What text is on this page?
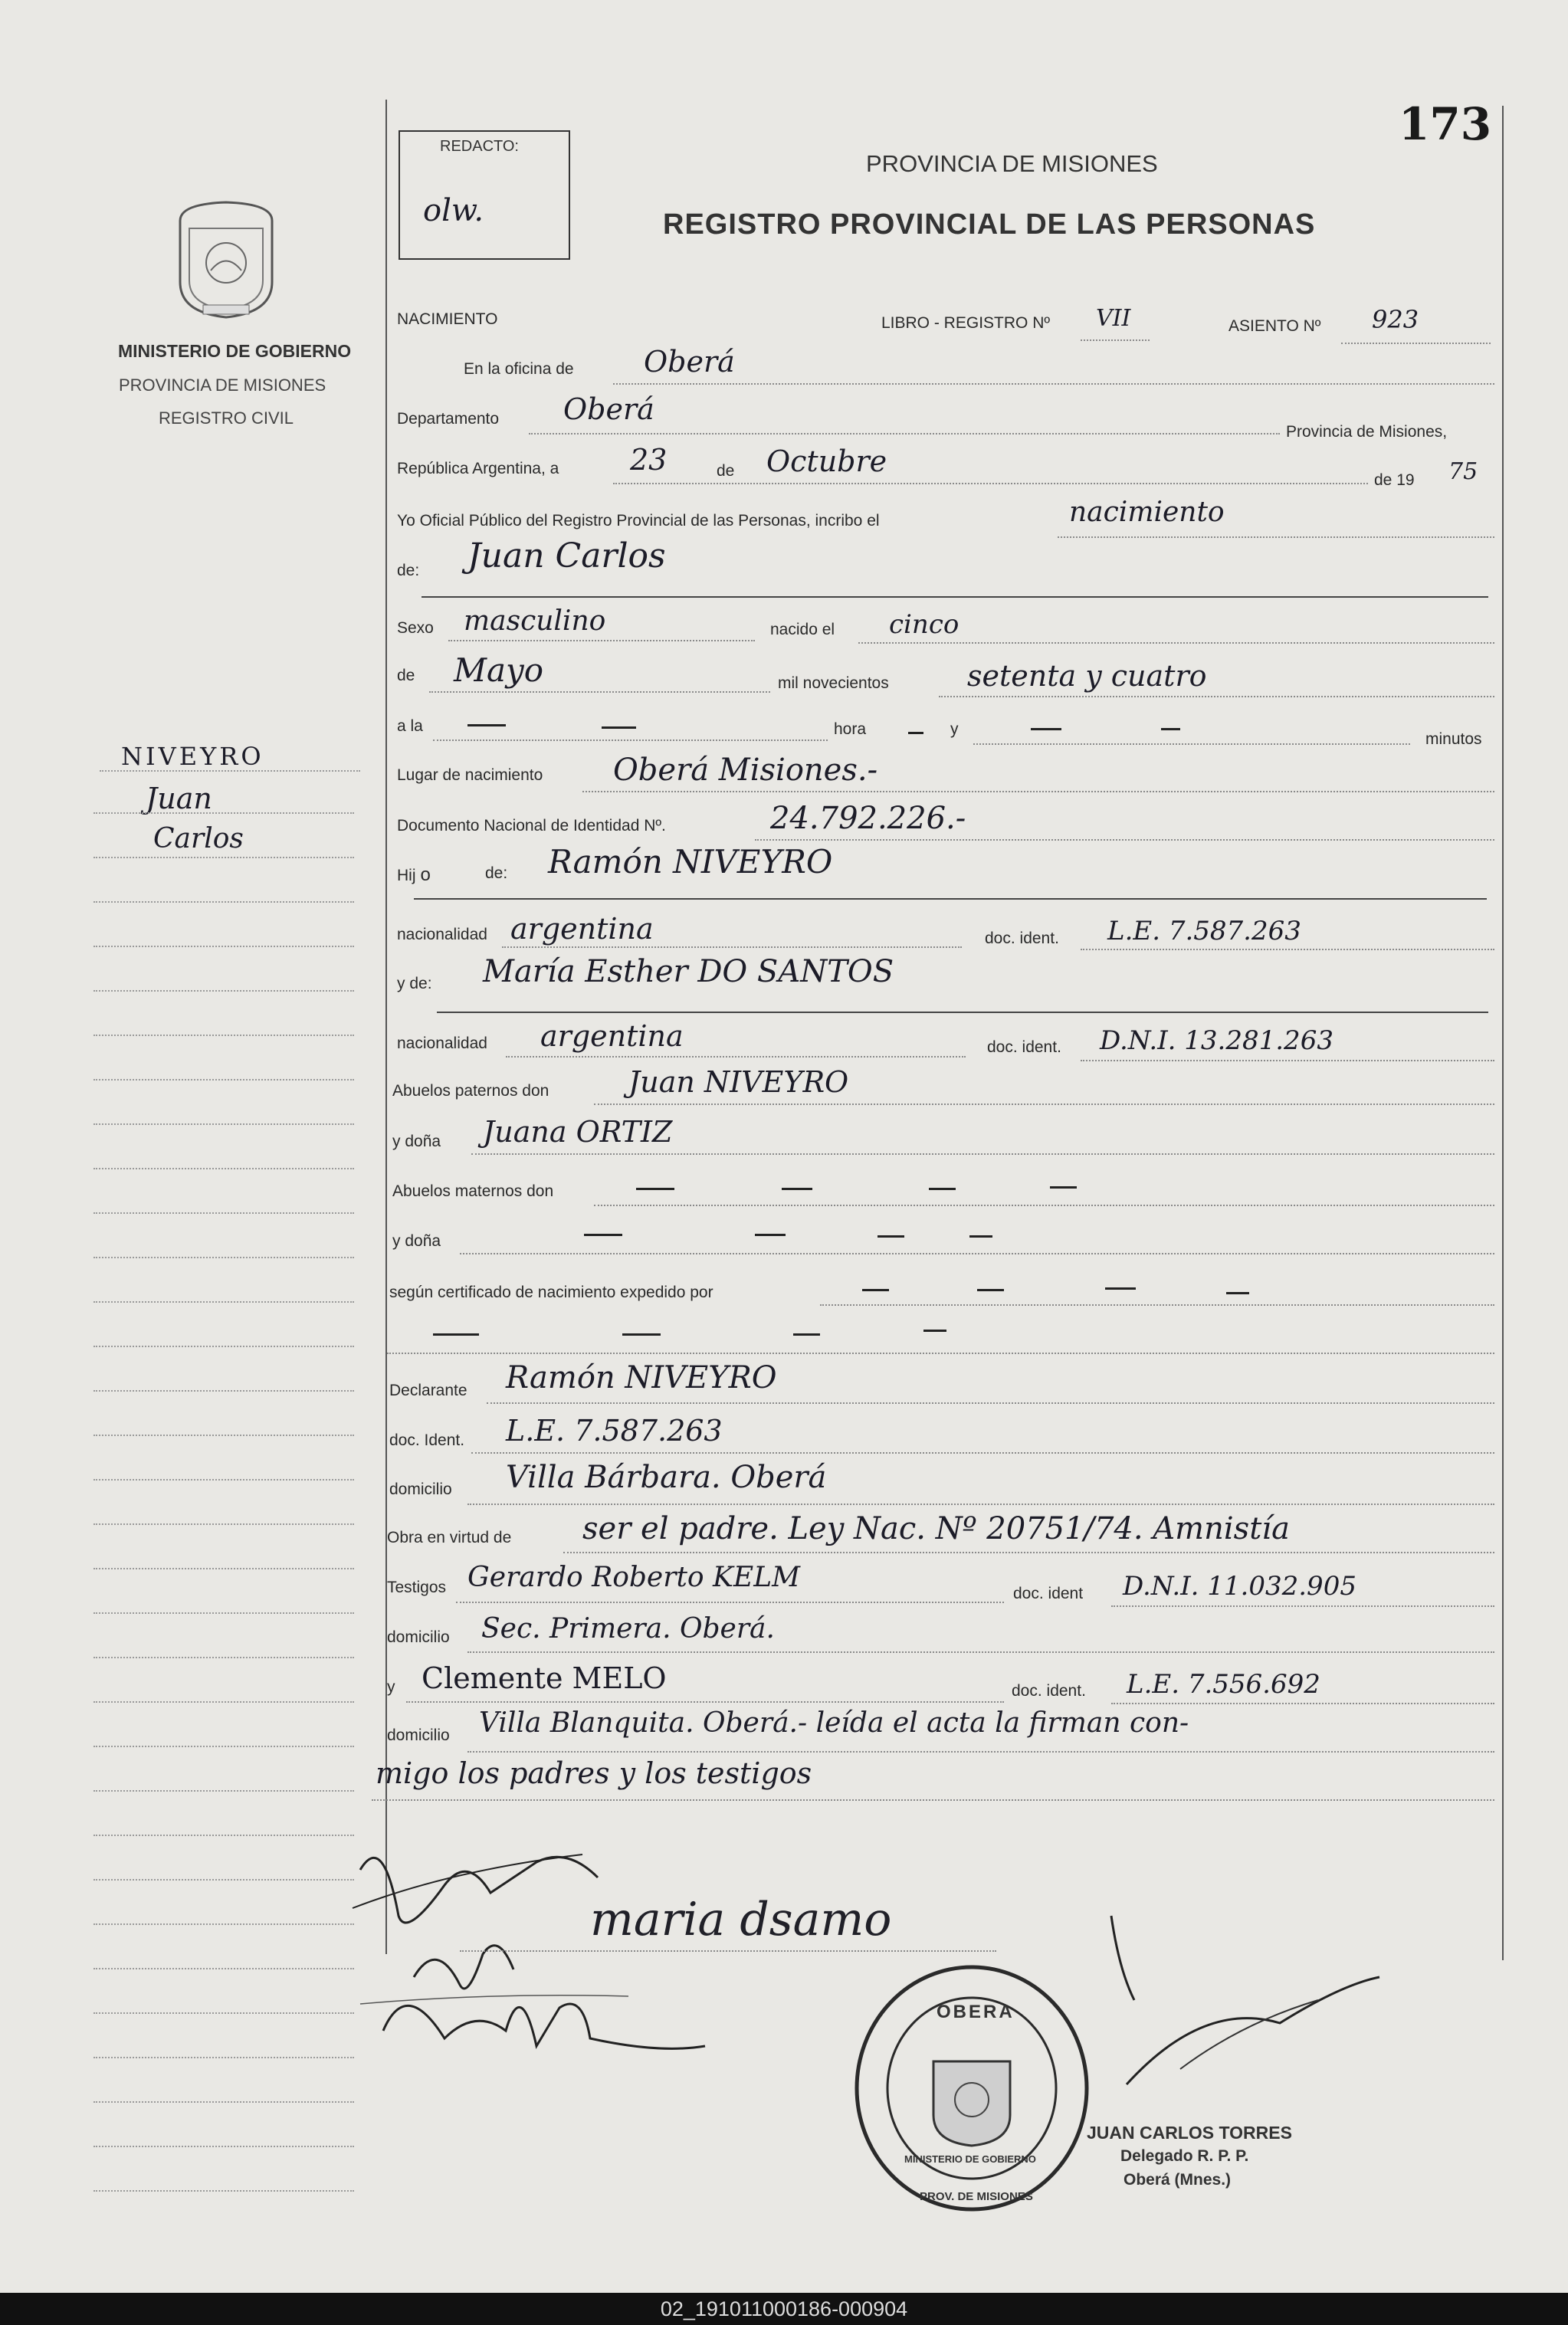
173
REDACTO:
olw.
PROVINCIA DE MISIONES
REGISTRO PROVINCIAL DE LAS PERSONAS
MINISTERIO DE GOBIERNO
PROVINCIA DE MISIONES
REGISTRO CIVIL
NIVEYRO
Juan
Carlos
NACIMIENTO	LIBRO - REGISTRO Nº VII	ASIENTO Nº 923
En la oficina de Oberá
Departamento Oberá
Provincia de Misiones,
República Argentina, a 23	de Octubre
de 19 75
Yo Oficial Público del Registro Provincial de las Personas, incribo el	nacimiento
de: Juan Carlos
Sexo masculino	nacido el cinco
de Mayo	mil novecientos	setenta y cuatro
a la	hora	y
minutos
Lugar de nacimiento Oberá Misiones.-
Documento Nacional de Identidad Nº.	24.792.226.-
Hij o	de: Ramón NIVEYRO
nacionalidad argentina	doc. ident. L.E. 7.587.263
y de: María Esther DO SANTOS
nacionalidad argentina	doc. ident. D.N.I. 13.281.263
Abuelos paternos don	Juan NIVEYRO
y doña Juana ORTIZ
Abuelos maternos don
y doña
según certificado de nacimiento expedido por
Declarante Ramón NIVEYRO
doc. Ident. L.E. 7.587.263
domicilio Villa Bárbara. Oberá
Obra en virtud de ser el padre. Ley Nac. Nº 20751/74. Amnistía
Testigos Gerardo Roberto KELM
doc. ident D.N.I. 11.032.905
domicilio Sec. Primera. Oberá.
y Clemente MELO	doc. ident. L.E. 7.556.692
domicilio Villa Blanquita. Oberá.- leída el acta la firman con-
migo los padres y los testigos
maria dsamo
OBERA
MINISTERIO DE GOBIERNO
PROV. DE MISIONES
JUAN CARLOS TORRES
Delegado R. P. P.
Oberá (Mnes.)
02_191011000186-000904
